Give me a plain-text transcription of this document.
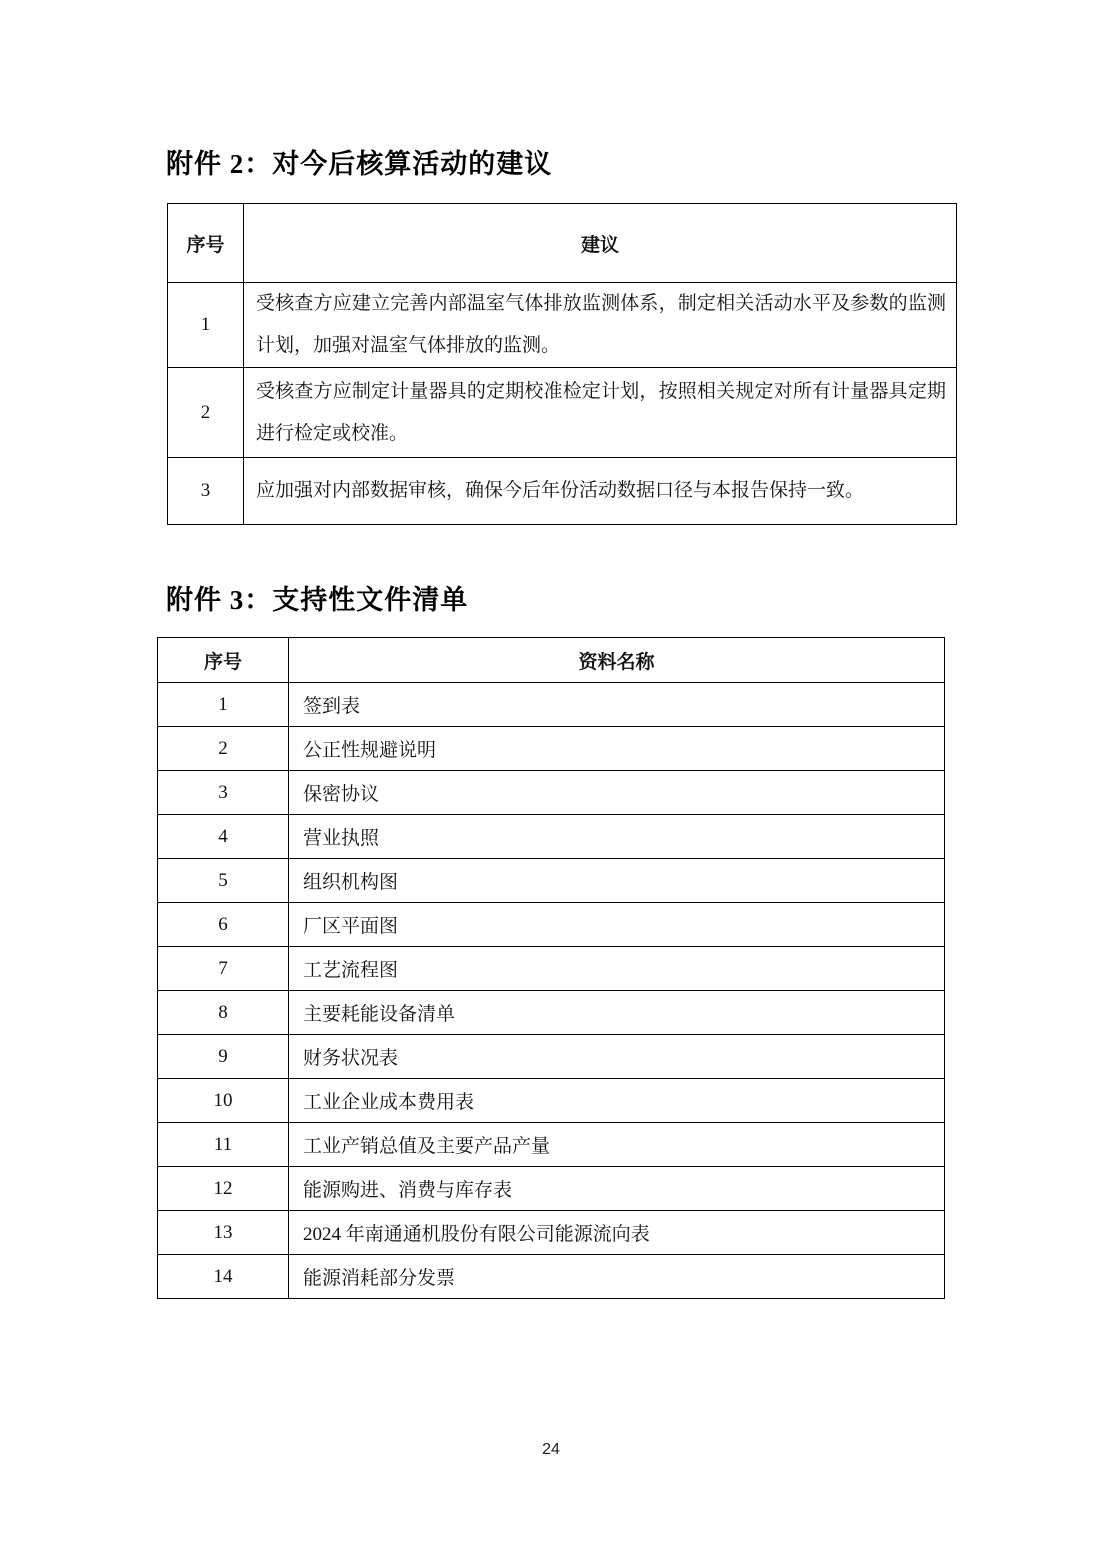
附件 2：对今后核算活动的建议
序号	建议
1	受核查方应建立完善内部温室气体排放监测体系，制定相关活动水平及参数的监测计划，加强对温室气体排放的监测。
2	受核查方应制定计量器具的定期校准检定计划，按照相关规定对所有计量器具定期进行检定或校准。
3	应加强对内部数据审核，确保今后年份活动数据口径与本报告保持一致。
附件 3：支持性文件清单
序号	资料名称
1	签到表
2	公正性规避说明
3	保密协议
4	营业执照
5	组织机构图
6	厂区平面图
7	工艺流程图
8	主要耗能设备清单
9	财务状况表
10	工业企业成本费用表
11	工业产销总值及主要产品产量
12	能源购进、消费与库存表
13	2024 年南通通机股份有限公司能源流向表
14	能源消耗部分发票
24
